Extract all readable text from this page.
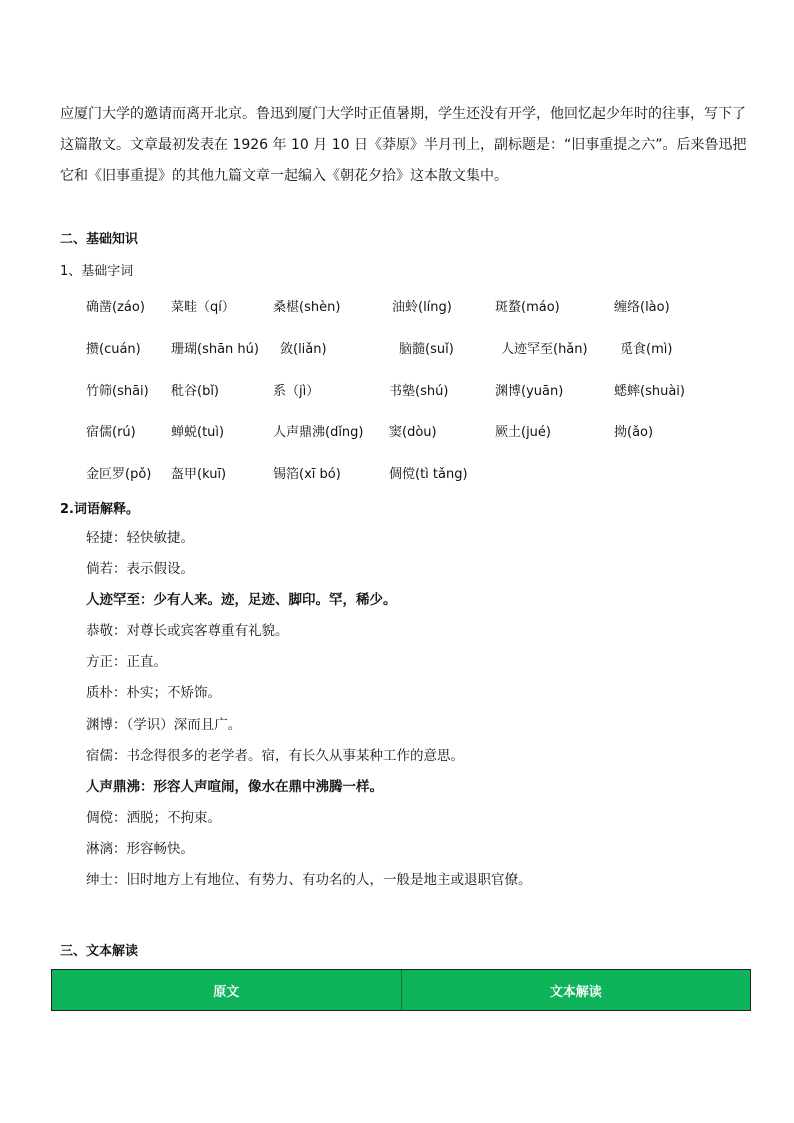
应厦门大学的邀请而离开北京。鲁迅到厦门大学时正值暑期，学生还没有开学，他回忆起少年时的往事，写下了

这篇散文。文章最初发表在 1926 年 10 月 10 日《莽原》半月刊上，副标题是：“旧事重提之六”。后来鲁迅把

它和《旧事重提》的其他九篇文章一起编入《朝花夕拾》这本散文集中。

二、基础知识
1、基础字词
确凿(záo) 菜畦（qí）	桑椹(shèn)	油蛉(líng)	斑蝥(máo)	缠络(lào)
攒(cuán) 珊瑚(shān hú) 敛(liǎn)	脑髓(suǐ)	人迹罕至(hǎn) 觅食(mì)
竹筛(shāi) 秕谷(bǐ)	系（jì）	书塾(shú)	渊博(yuān)	蟋蟀(shuài)
宿儒(rú)	蝉蜕(tuì)	人声鼎沸(dǐng) 窦(dòu)	厥土(jué)	拗(ǎo)
金叵罗(pǒ) 盔甲(kuī)	锡箔(xī bó)	倜傥(tì tǎng)
2.词语解释。
轻捷：轻快敏捷。
倘若：表示假设。
人迹罕至：少有人来。迹，足迹、脚印。罕，稀少。
恭敬：对尊长或宾客尊重有礼貌。
方正：正直。
质朴：朴实；不矫饰。
渊博：（学识）深而且广。
宿儒：书念得很多的老学者。宿，有长久从事某种工作的意思。
人声鼎沸：形容人声喧闹，像水在鼎中沸腾一样。
倜傥：洒脱；不拘束。
淋漓：形容畅快。
绅士：旧时地方上有地位、有势力、有功名的人，一般是地主或退职官僚。
三、文本解读
原文	文本解读
